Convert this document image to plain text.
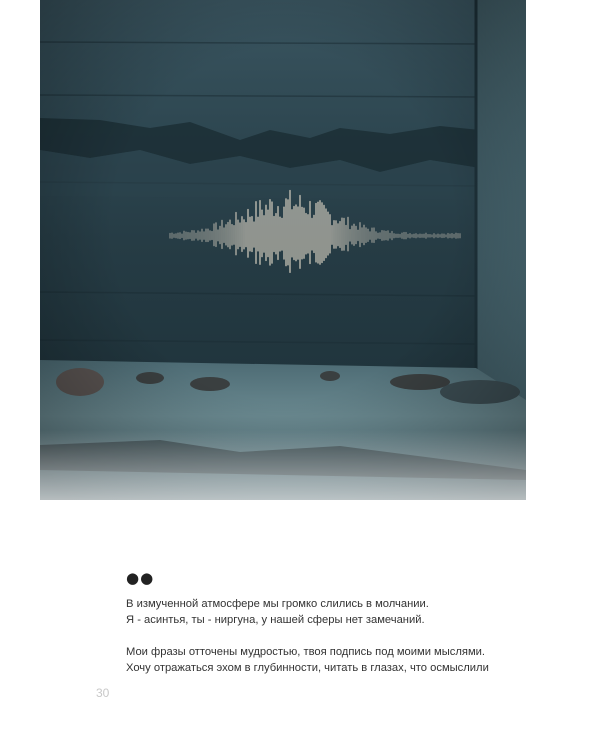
●●

В измученной атмосфере мы громко слились в молчании.
Я - асинтья, ты - ниргуна, у нашей сферы нет замечаний.

Мои фразы отточены мудростью, твоя подпись под моими мыслями.
Хочу отражаться эхом в глубинности, читать в глазах, что осмыслили

30
